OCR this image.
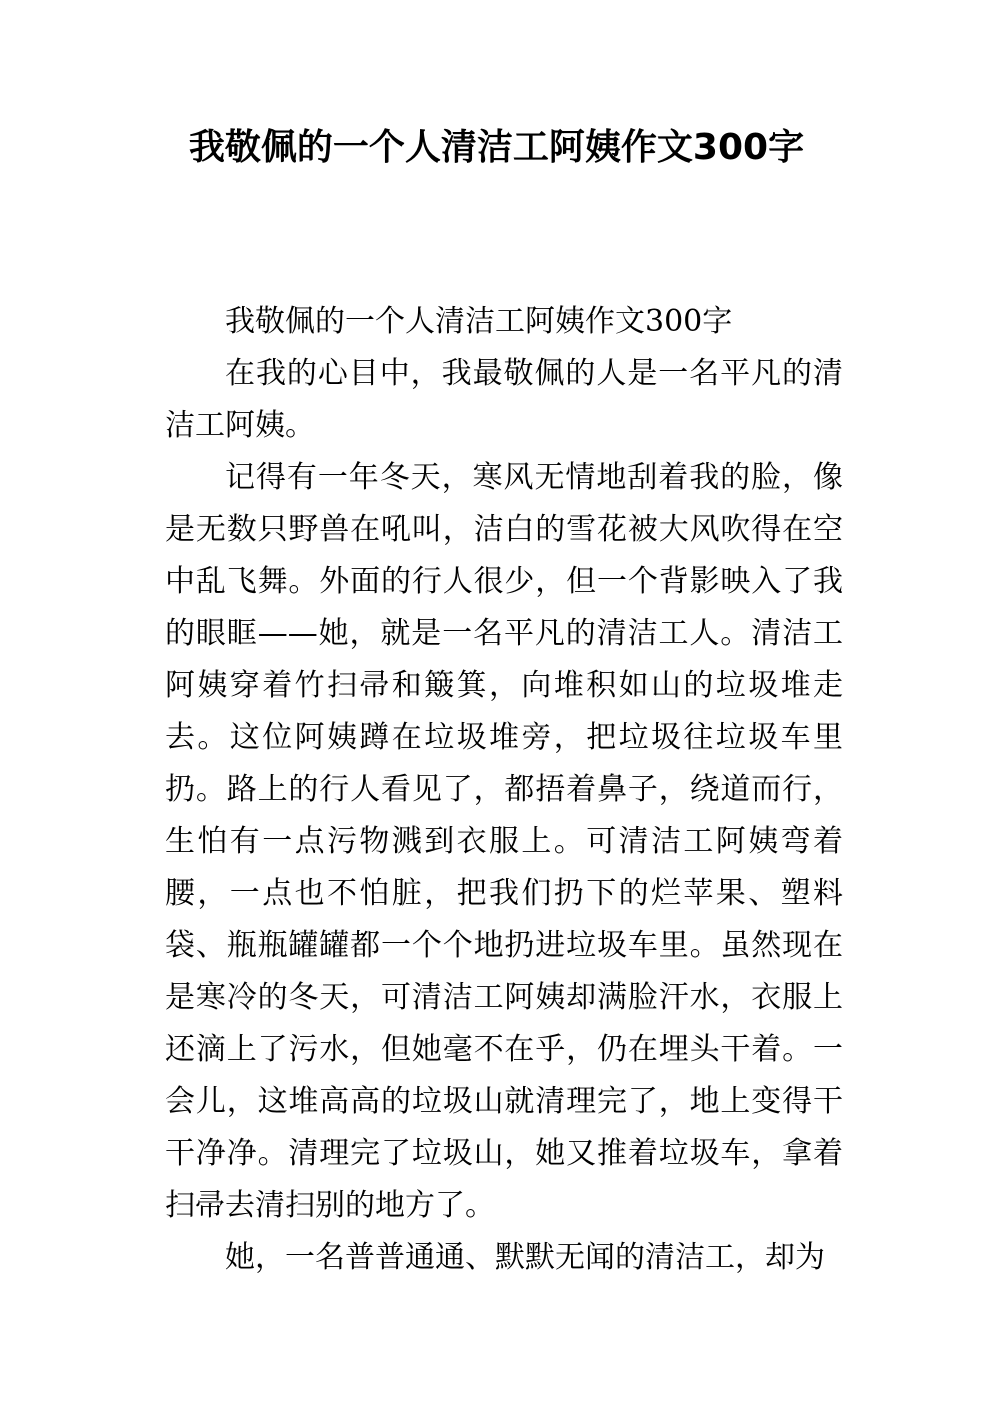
我敬佩的一个人清洁工阿姨作文300字

我敬佩的一个人清洁工阿姨作文300字

在我的心目中，我最敬佩的人是一名平凡的清洁工阿姨。

记得有一年冬天，寒风无情地刮着我的脸，像是无数只野兽在吼叫，洁白的雪花被大风吹得在空中乱飞舞。外面的行人很少，但一个背影映入了我的眼眶——她，就是一名平凡的清洁工人。清洁工阿姨穿着竹扫帚和簸箕，向堆积如山的垃圾堆走去。这位阿姨蹲在垃圾堆旁，把垃圾往垃圾车里扔。路上的行人看见了，都捂着鼻子，绕道而行，生怕有一点污物溅到衣服上。可清洁工阿姨弯着腰，一点也不怕脏，把我们扔下的烂苹果、塑料袋、瓶瓶罐罐都一个个地扔进垃圾车里。虽然现在是寒冷的冬天，可清洁工阿姨却满脸汗水，衣服上还滴上了污水，但她毫不在乎，仍在埋头干着。一会儿，这堆高高的垃圾山就清理完了，地上变得干干净净。清理完了垃圾山，她又推着垃圾车，拿着扫帚去清扫别的地方了。

她，一名普普通通、默默无闻的清洁工，却为
